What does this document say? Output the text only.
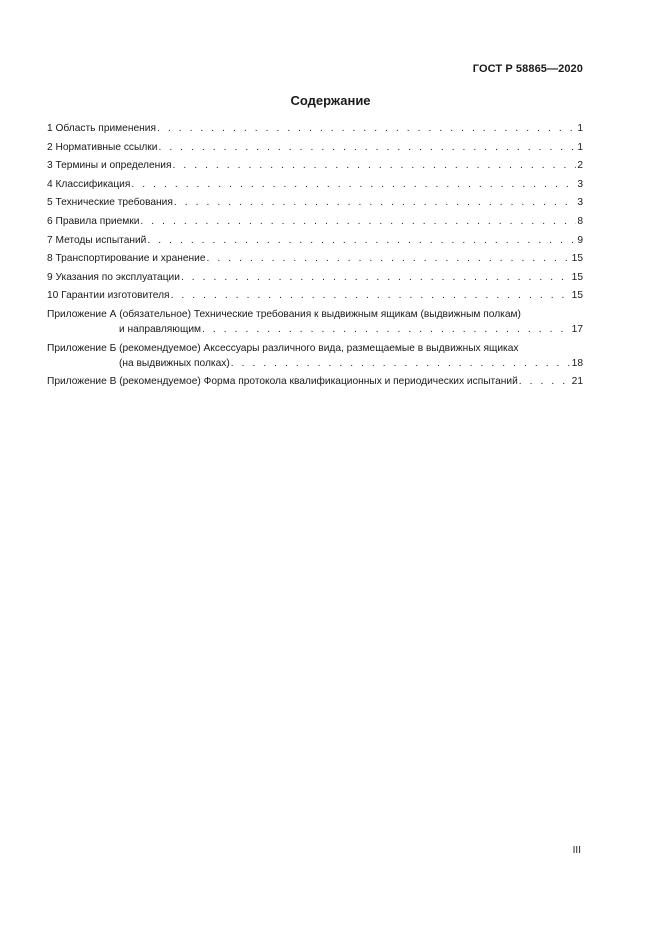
ГОСТ Р 58865—2020
Содержание
1 Область применения . . .	1
2 Нормативные ссылки . . .	1
3 Термины и определения . . .	2
4 Классификация . . .	3
5 Технические требования . . .	3
6 Правила приемки . . .	8
7 Методы испытаний . . .	9
8 Транспортирование и хранение . . .	15
9 Указания по эксплуатации . . .	15
10 Гарантии изготовителя . . .	15
Приложение А (обязательное) Технические требования к выдвижным ящикам (выдвижным полкам)
и направляющим . . .	17
Приложение Б (рекомендуемое) Аксессуары различного вида, размещаемые в выдвижных ящиках
(на выдвижных полках) . . .	18
Приложение В (рекомендуемое) Форма протокола квалификационных и периодических испытаний . . .	21
III
